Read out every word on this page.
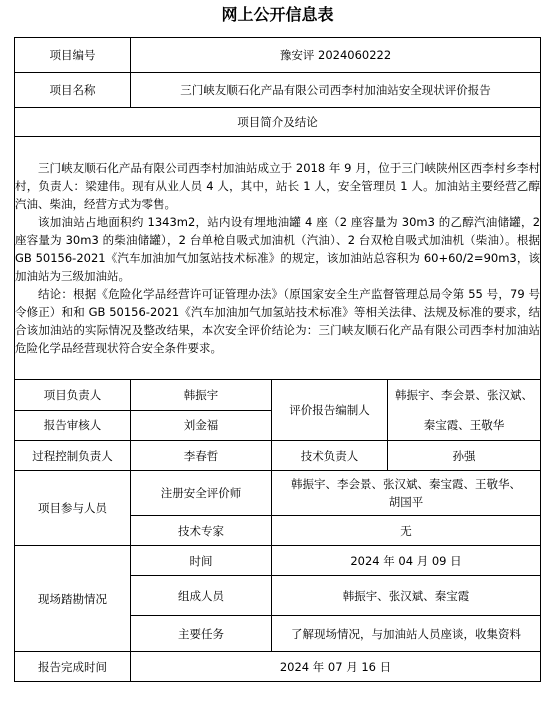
网上公开信息表
项目编号	豫安评 2024060222		
项目名称	三门峡友顺石化产品有限公司西李村加油站安全现状评价报告		
项目简介及结论			

三门峡友顺石化产品有限公司西李村加油站成立于 2018 年 9 月，位于三门峡陕州区西李村乡李村村，负责人：梁建伟。现有从业人员 4 人，其中，站长 1 人，安全管理员 1 人。加油站主要经营乙醇汽油、柴油，经营方式为零售。

该加油站占地面积约 1343m2，站内设有埋地油罐 4 座（2 座容量为 30m3 的乙醇汽油储罐，2 座容量为 30m3 的柴油储罐），2 台单枪自吸式加油机（汽油）、2 台双枪自吸式加油机（柴油）。根据 GB 50156-2021《汽车加油加气加氢站技术标准》的规定，该加油站总容积为 60+60/2=90m3，该加油站为三级加油站。

结论：根据《危险化学品经营许可证管理办法》（原国家安全生产监督管理总局令第 55 号，79 号令修正）和和 GB 50156-2021《汽车加油加气加氢站技术标准》等相关法律、法规及标准的要求，结合该加油站的实际情况及整改结果，本次安全评价结论为：三门峡友顺石化产品有限公司西李村加油站危险化学品经营现状符合安全条件要求。			

项目负责人	韩振宇	评价报告编制人	韩振宇、李会景、张汉斌、
秦宝霞、王敬华

报告审核人	刘金福		
过程控制负责人	李春哲	技术负责人	孙强
项目参与人员	注册安全评价师	韩振宇、李会景、张汉斌、秦宝霞、王敬华、
胡国平	

	技术专家	无	
现场踏勘情况	时间	2024 年 04 月 09 日	
	组成人员	韩振宇、张汉斌、秦宝霞	
	主要任务	了解现场情况，与加油站人员座谈，收集资料	
报告完成时间	2024 年 07 月 16 日		
